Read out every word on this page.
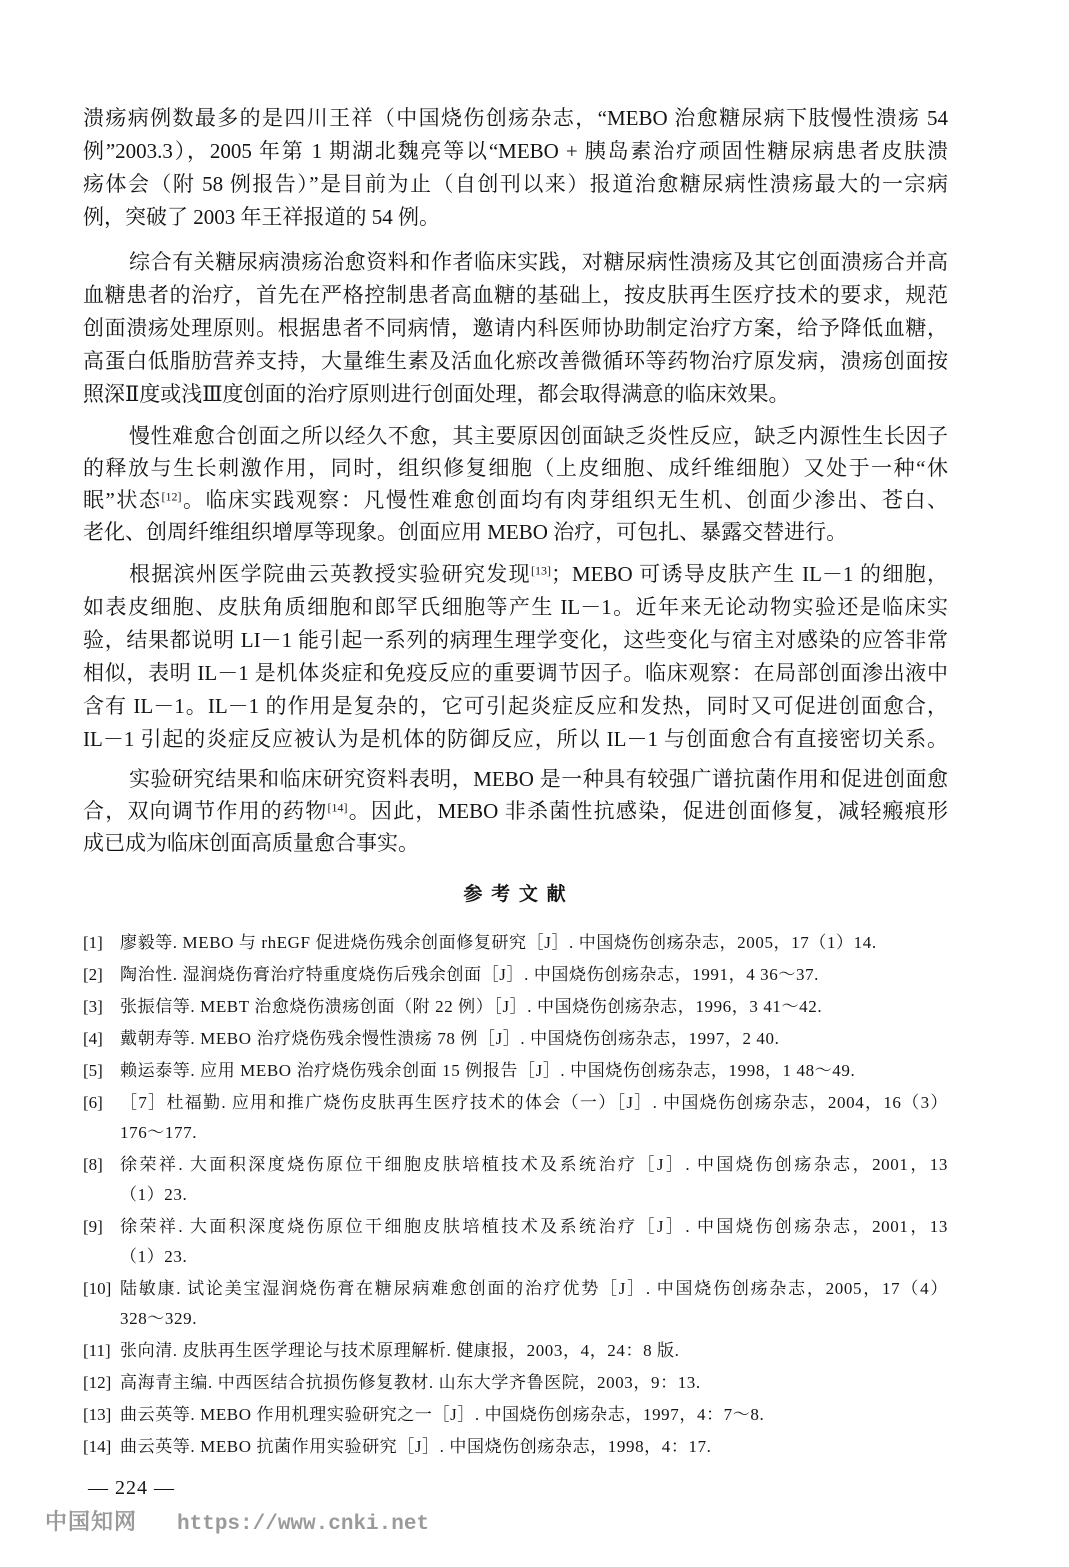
溃疡病例数最多的是四川王祥（中国烧伤创疡杂志，“MEBO 治愈糖尿病下肢慢性溃疡 54
例”2003.3），2005 年第 1 期湖北魏亮等以“MEBO + 胰岛素治疗顽固性糖尿病患者皮肤溃
疡体会（附 58 例报告）”是目前为止（自创刊以来）报道治愈糖尿病性溃疡最大的一宗病
例，突破了 2003 年王祥报道的 54 例。
综合有关糖尿病溃疡治愈资料和作者临床实践，对糖尿病性溃疡及其它创面溃疡合并高
血糖患者的治疗，首先在严格控制患者高血糖的基础上，按皮肤再生医疗技术的要求，规范
创面溃疡处理原则。根据患者不同病情，邀请内科医师协助制定治疗方案，给予降低血糖，
高蛋白低脂肪营养支持，大量维生素及活血化瘀改善微循环等药物治疗原发病，溃疡创面按
照深Ⅱ度或浅Ⅲ度创面的治疗原则进行创面处理，都会取得满意的临床效果。
慢性难愈合创面之所以经久不愈，其主要原因创面缺乏炎性反应，缺乏内源性生长因子
的释放与生长刺激作用，同时，组织修复细胞（上皮细胞、成纤维细胞）又处于一种“休
眠”状态[12]。临床实践观察：凡慢性难愈创面均有肉芽组织无生机、创面少渗出、苍白、
老化、创周纤维组织增厚等现象。创面应用 MEBO 治疗，可包扎、暴露交替进行。
根据滨州医学院曲云英教授实验研究发现[13]；MEBO 可诱导皮肤产生 IL－1 的细胞，
如表皮细胞、皮肤角质细胞和郎罕氏细胞等产生 IL－1。近年来无论动物实验还是临床实
验，结果都说明 LI－1 能引起一系列的病理生理学变化，这些变化与宿主对感染的应答非常
相似，表明 IL－1 是机体炎症和免疫反应的重要调节因子。临床观察：在局部创面渗出液中
含有 IL－1。IL－1 的作用是复杂的，它可引起炎症反应和发热，同时又可促进创面愈合，
IL－1 引起的炎症反应被认为是机体的防御反应，所以 IL－1 与创面愈合有直接密切关系。
实验研究结果和临床研究资料表明，MEBO 是一种具有较强广谱抗菌作用和促进创面愈
合，双向调节作用的药物[14]。因此，MEBO 非杀菌性抗感染，促进创面修复，减轻瘢痕形
成已成为临床创面高质量愈合事实。
参 考 文 献
[1]	廖毅等. MEBO 与 rhEGF 促进烧伤残余创面修复研究［J］. 中国烧伤创疡杂志，2005，17（1）14.
[2]	陶治性. 湿润烧伤膏治疗特重度烧伤后残余创面［J］. 中国烧伤创疡杂志，1991，4 36～37.
[3]	张振信等. MEBT 治愈烧伤溃疡创面（附 22 例）［J］. 中国烧伤创疡杂志，1996，3 41～42.
[4]	戴朝寿等. MEBO 治疗烧伤残余慢性溃疡 78 例［J］. 中国烧伤创疡杂志，1997，2 40.
[5]	赖运泰等. 应用 MEBO 治疗烧伤残余创面 15 例报告［J］. 中国烧伤创疡杂志，1998，1 48～49.
[6]	［7］杜福勤. 应用和推广烧伤皮肤再生医疗技术的体会（一）［J］. 中国烧伤创疡杂志，2004，16（3）
176～177.
[8]	徐荣祥. 大面积深度烧伤原位干细胞皮肤培植技术及系统治疗［J］. 中国烧伤创疡杂志，2001，13
（1）23.
[9]	徐荣祥. 大面积深度烧伤原位干细胞皮肤培植技术及系统治疗［J］. 中国烧伤创疡杂志，2001，13
（1）23.
[10] 陆敏康. 试论美宝湿润烧伤膏在糖尿病难愈创面的治疗优势［J］. 中国烧伤创疡杂志，2005，17（4）
328～329.
[11] 张向清. 皮肤再生医学理论与技术原理解析. 健康报，2003，4，24：8 版.
[12] 高海青主编. 中西医结合抗损伤修复教材. 山东大学齐鲁医院，2003，9：13.
[13] 曲云英等. MEBO 作用机理实验研究之一［J］. 中国烧伤创疡杂志，1997，4：7～8.
[14] 曲云英等. MEBO 抗菌作用实验研究［J］. 中国烧伤创疡杂志，1998，4：17.
— 224 —
中国知网 https://www.cnki.net
